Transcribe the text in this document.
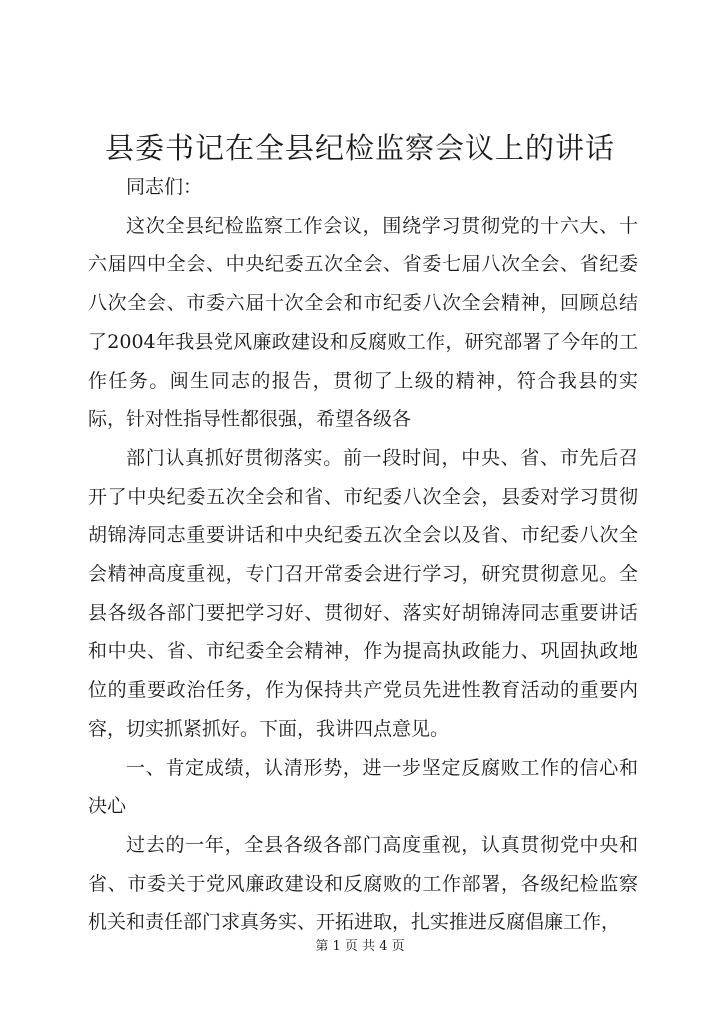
县委书记在全县纪检监察会议上的讲话

同志们：

这次全县纪检监察工作会议，围绕学习贯彻党的十六大、十六届四中全会、中央纪委五次全会、省委七届八次全会、省纪委八次全会、市委六届十次全会和市纪委八次全会精神，回顾总结了2004年我县党风廉政建设和反腐败工作，研究部署了今年的工作任务。闽生同志的报告，贯彻了上级的精神，符合我县的实际，针对性指导性都很强，希望各级各

部门认真抓好贯彻落实。前一段时间，中央、省、市先后召开了中央纪委五次全会和省、市纪委八次全会，县委对学习贯彻胡锦涛同志重要讲话和中央纪委五次全会以及省、市纪委八次全会精神高度重视，专门召开常委会进行学习，研究贯彻意见。全县各级各部门要把学习好、贯彻好、落实好胡锦涛同志重要讲话和中央、省、市纪委全会精神，作为提高执政能力、巩固执政地位的重要政治任务，作为保持共产党员先进性教育活动的重要内容，切实抓紧抓好。下面，我讲四点意见。

一、肯定成绩，认清形势，进一步坚定反腐败工作的信心和决心

过去的一年，全县各级各部门高度重视，认真贯彻党中央和省、市委关于党风廉政建设和反腐败的工作部署，各级纪检监察机关和责任部门求真务实、开拓进取，扎实推进反腐倡廉工作，

第 1 页 共 4 页
